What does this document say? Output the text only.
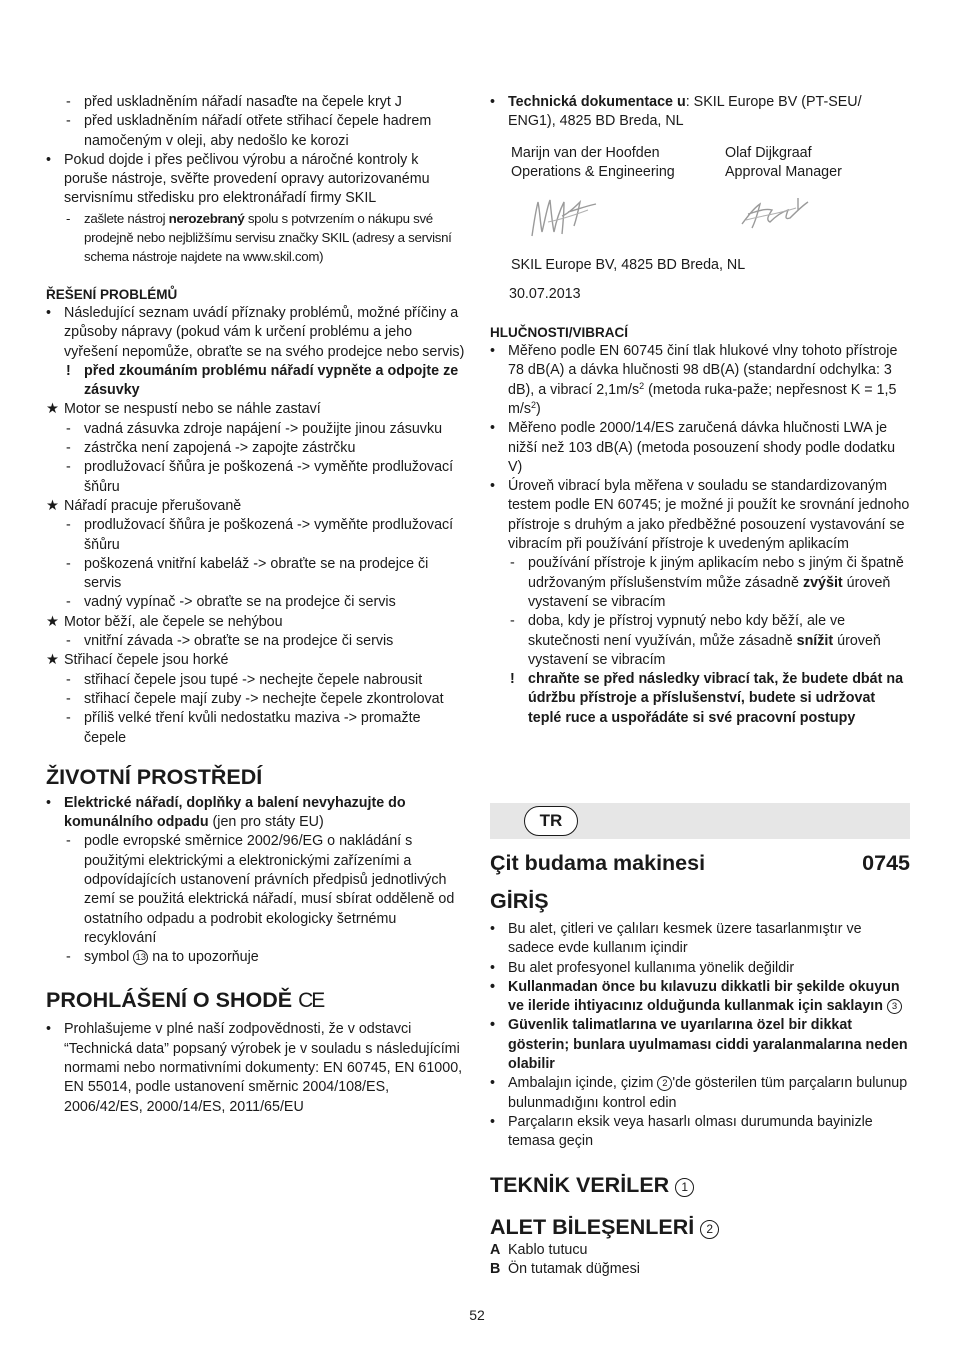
- před uskladněním nářadí nasaďte na čepele kryt J
- před uskladněním nářadí otřete střihací čepele hadrem namočeným v oleji, aby nedošlo ke korozi
• Pokud dojde i přes pečlivou výrobu a náročné kontroly k poruše nástroje, svěřte provedení opravy autorizovanému servisnímu středisku pro elektronářadí firmy SKIL
- zašlete nástroj nerozebraný spolu s potvrzením o nákupu své prodejně nebo nejbližšímu servisu značky SKIL (adresy a servisní schema nástroje najdete na www.skil.com)

ŘEŠENÍ PROBLÉMŮ

• Následující seznam uvádí příznaky problémů, možné příčiny a způsoby nápravy (pokud vám k určení problému a jeho vyřešení nepomůže, obraťte se na svého prodejce nebo servis)
! před zkoumáním problému nářadí vypněte a odpojte ze zásuvky
★ Motor se nespustí nebo se náhle zastaví
- vadná zásuvka zdroje napájení -> použijte jinou zásuvku
- zástrčka není zapojená -> zapojte zástrčku
- prodlužovací šňůra je poškozená -> vyměňte prodlužovací šňůru
★ Nářadí pracuje přerušovaně
- prodlužovací šňůra je poškozená -> vyměňte prodlužovací šňůru
- poškozená vnitřní kabeláž -> obraťte se na prodejce či servis
- vadný vypínač -> obraťte se na prodejce či servis
★ Motor běží, ale čepele se nehýbou
- vnitřní závada -> obraťte se na prodejce či servis
★ Střihací čepele jsou horké
- střihací čepele jsou tupé -> nechejte čepele nabrousit
- střihací čepele mají zuby -> nechejte čepele zkontrolovat
- příliš velké tření kvůli nedostatku maziva -> promažte čepele
ŽIVOTNÍ PROSTŘEDÍ
• Elektrické nářadí, doplňky a balení nevyhazujte do komunálního odpadu (jen pro státy EU)
- podle evropské směrnice 2002/96/EG o nakládání s použitými elektrickými a elektronickými zařízeními a odpovídajících ustanovení právních předpisů jednotlivých zemí se použitá elektrická nářadí, musí sbírat odděleně od ostatního odpadu a podrobit ekologicky šetrnému recyklování
- symbol 13 na to upozorňuje
PROHLÁŠENÍ O SHODĚ CE
• Prohlašujeme v plné naší zodpovědnosti, že v odstavci “Technická data” popsaný výrobek je v souladu s následujícími normami nebo normativními dokumenty: EN 60745, EN 61000, EN 55014, podle ustanovení směrnic 2004/108/ES, 2006/42/ES, 2000/14/ES, 2011/65/EU
• Technická dokumentace u: SKIL Europe BV (PT-SEU/ ENG1), 4825 BD Breda, NL
Marijn van der Hoofden
Operations & Engineering
Olaf Dijkgraaf
Approval Manager
SKIL Europe BV, 4825 BD Breda, NL
30.07.2013

HLUČNOSTI/VIBRACÍ

• Měřeno podle EN 60745 činí tlak hlukové vlny tohoto přístroje 78 dB(A) a dávka hlučnosti 98 dB(A) (standardní odchylka: 3 dB), a vibrací $2,1m/s^2$ (metoda ruka-paže; nepřesnost K = 1,5 $m/s^2$)
• Měřeno podle 2000/14/ES zaručená dávka hlučnosti LWA je nižší než 103 dB(A) (metoda posouzení shody podle dodatku V)
• Úroveň vibrací byla měřena v souladu se standardizovaným testem podle EN 60745; je možné ji použít ke srovnání jednoho přístroje s druhým a jako předběžné posouzení vystavování se vibracím při používání přístroje k uvedeným aplikacím
- používání přístroje k jiným aplikacím nebo s jiným či špatně udržovaným příslušenstvím může zásadně zvýšit úroveň vystavení se vibracím
- doba, kdy je přístroj vypnutý nebo kdy běží, ale ve skutečnosti není využíván, může zásadně snížit úroveň vystavení se vibracím
! chraňte se před následky vibrací tak, že budete dbát na údržbu přístroje a příslušenství, budete si udržovat teplé ruce a uspořádáte si své pracovní postupy
TR
Çit budama makinesi	0745
GİRİŞ
• Bu alet, çitleri ve çalıları kesmek üzere tasarlanmıştır ve sadece evde kullanım içindir
• Bu alet profesyonel kullanıma yönelik değildir
• Kullanmadan önce bu kılavuzu dikkatli bir şekilde okuyun ve ileride ihtiyacınız olduğunda kullanmak için saklayın 3
• Güvenlik talimatlarına ve uyarılarına özel bir dikkat gösterin; bunlara uyulmaması ciddi yaralanmalarına neden olabilir
• Ambalajın içinde, çizim 2 'de gösterilen tüm parçaların bulunup bulunmadığını kontrol edin
• Parçaların eksik veya hasarlı olması durumunda bayinizle temasa geçin
TEKNİK VERİLER 1
ALET BİLEŞENLERİ 2
A Kablo tutucu
B Ön tutamak düğmesi
52
